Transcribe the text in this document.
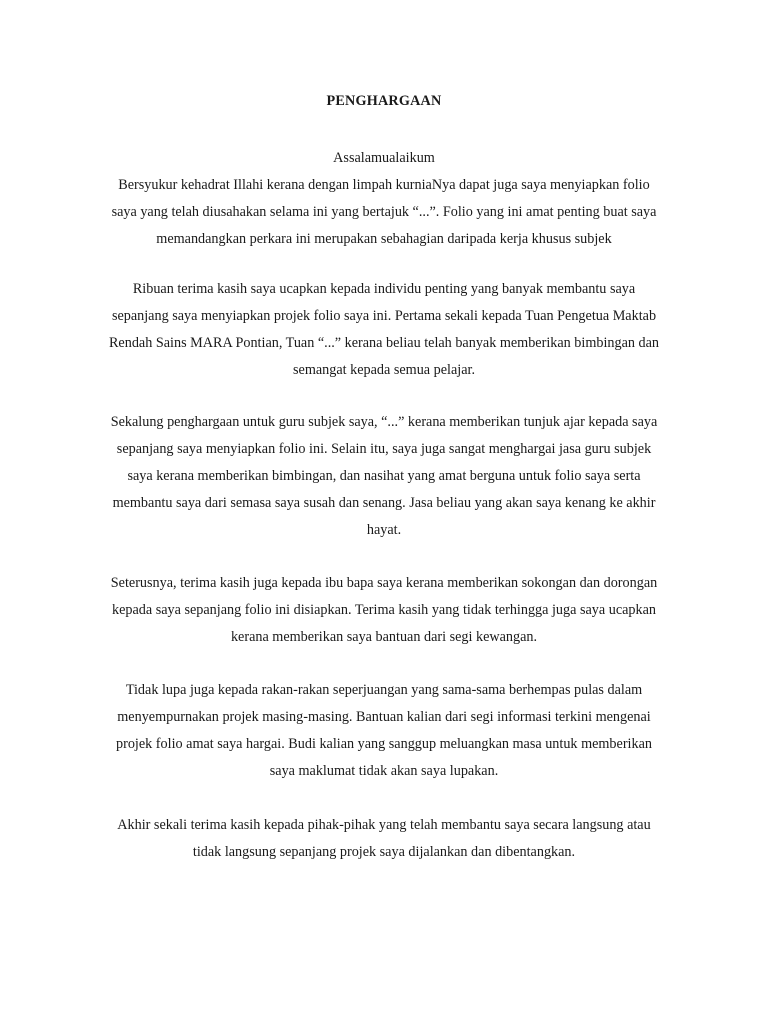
PENGHARGAAN
Assalamualaikum
Bersyukur kehadrat Illahi kerana dengan limpah kurniaNya dapat juga saya menyiapkan folio
saya yang telah diusahakan selama ini yang bertajuk “...”. Folio yang ini amat penting buat saya
memandangkan perkara ini merupakan sebahagian daripada kerja khusus subjek
Ribuan terima kasih saya ucapkan kepada individu penting yang banyak membantu saya
sepanjang saya menyiapkan projek folio saya ini. Pertama sekali kepada Tuan Pengetua Maktab
Rendah Sains MARA Pontian, Tuan “...” kerana beliau telah banyak memberikan bimbingan dan
semangat kepada semua pelajar.
Sekalung penghargaan untuk guru subjek saya, “...” kerana memberikan tunjuk ajar kepada saya
sepanjang saya menyiapkan folio ini. Selain itu, saya juga sangat menghargai jasa guru subjek
saya kerana memberikan bimbingan, dan nasihat yang amat berguna untuk folio saya serta
membantu saya dari semasa saya susah dan senang. Jasa beliau yang akan saya kenang ke akhir
hayat.
Seterusnya, terima kasih juga kepada ibu bapa saya kerana memberikan sokongan dan dorongan
kepada saya sepanjang folio ini disiapkan. Terima kasih yang tidak terhingga juga saya ucapkan
kerana memberikan saya bantuan dari segi kewangan.
Tidak lupa juga kepada rakan-rakan seperjuangan yang sama-sama berhempas pulas dalam
menyempurnakan projek masing-masing. Bantuan kalian dari segi informasi terkini mengenai
projek folio amat saya hargai. Budi kalian yang sanggup meluangkan masa untuk memberikan
saya maklumat tidak akan saya lupakan.
Akhir sekali terima kasih kepada pihak-pihak yang telah membantu saya secara langsung atau
tidak langsung sepanjang projek saya dijalankan dan dibentangkan.
